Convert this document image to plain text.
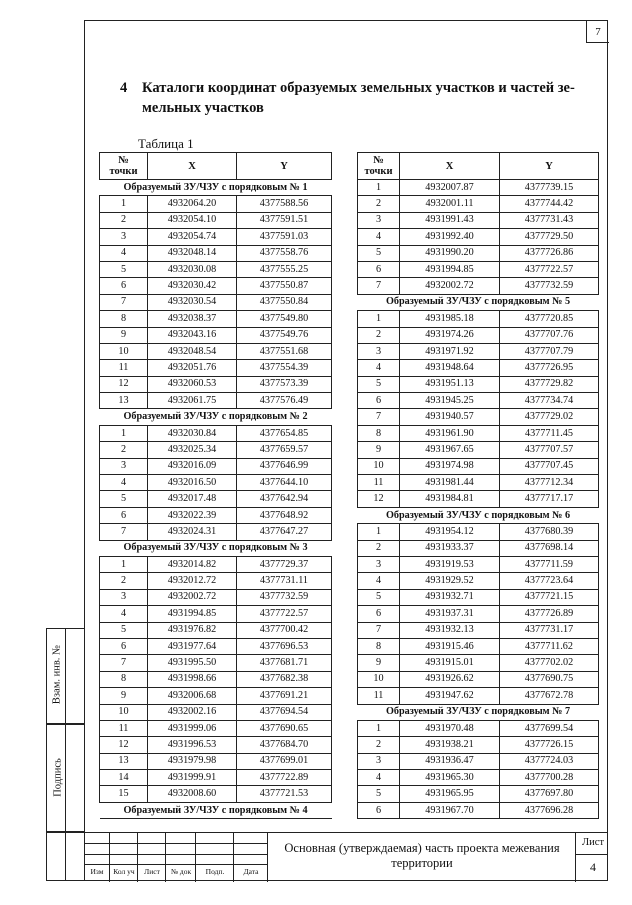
7
4 Каталоги координат образуемых земельных участков и частей зе-
мельных участков
Таблица 1
№
точки	X	Y
Образуемый ЗУ/ЧЗУ с порядковым № 1		
1	4932064.20	4377588.56
2	4932054.10	4377591.51
3	4932054.74	4377591.03
4	4932048.14	4377558.76
5	4932030.08	4377555.25
6	4932030.42	4377550.87
7	4932030.54	4377550.84
8	4932038.37	4377549.80
9	4932043.16	4377549.76
10	4932048.54	4377551.68
11	4932051.76	4377554.39
12	4932060.53	4377573.39
13	4932061.75	4377576.49
Образуемый ЗУ/ЧЗУ с порядковым № 2		
1	4932030.84	4377654.85
2	4932025.34	4377659.57
3	4932016.09	4377646.99
4	4932016.50	4377644.10
5	4932017.48	4377642.94
6	4932022.39	4377648.92
7	4932024.31	4377647.27
Образуемый ЗУ/ЧЗУ с порядковым № 3		
1	4932014.82	4377729.37
2	4932012.72	4377731.11
3	4932002.72	4377732.59
4	4931994.85	4377722.57
5	4931976.82	4377700.42
6	4931977.64	4377696.53
7	4931995.50	4377681.71
8	4931998.66	4377682.38
9	4932006.68	4377691.21
10	4932002.16	4377694.54
11	4931999.06	4377690.65
12	4931996.53	4377684.70
13	4931979.98	4377699.01
14	4931999.91	4377722.89
15	4932008.60	4377721.53
Образуемый ЗУ/ЧЗУ с порядковым № 4		
№
точки	X	Y
1	4932007.87	4377739.15
2	4932001.11	4377744.42
3	4931991.43	4377731.43
4	4931992.40	4377729.50
5	4931990.20	4377726.86
6	4931994.85	4377722.57
7	4932002.72	4377732.59
Образуемый ЗУ/ЧЗУ с порядковым № 5		
1	4931985.18	4377720.85
2	4931974.26	4377707.76
3	4931971.92	4377707.79
4	4931948.64	4377726.95
5	4931951.13	4377729.82
6	4931945.25	4377734.74
7	4931940.57	4377729.02
8	4931961.90	4377711.45
9	4931967.65	4377707.57
10	4931974.98	4377707.45
11	4931981.44	4377712.34
12	4931984.81	4377717.17
Образуемый ЗУ/ЧЗУ с порядковым № 6		
1	4931954.12	4377680.39
2	4931933.37	4377698.14
3	4931919.53	4377711.59
4	4931929.52	4377723.64
5	4931932.71	4377721.15
6	4931937.31	4377726.89
7	4931932.13	4377731.17
8	4931915.46	4377711.62
9	4931915.01	4377702.02
10	4931926.62	4377690.75
11	4931947.62	4377672.78
Образуемый ЗУ/ЧЗУ с порядковым № 7		
1	4931970.48	4377699.54
2	4931938.21	4377726.15
3	4931936.47	4377724.03
4	4931965.30	4377700.28
5	4931965.95	4377697.80
6	4931967.70	4377696.28
Взам. инв. №
Подпись
Изм	Кол уч	Лист	№ док	Подп.	Дата
Основная (утверждаемая) часть проекта межевания
территории
Лист
4
